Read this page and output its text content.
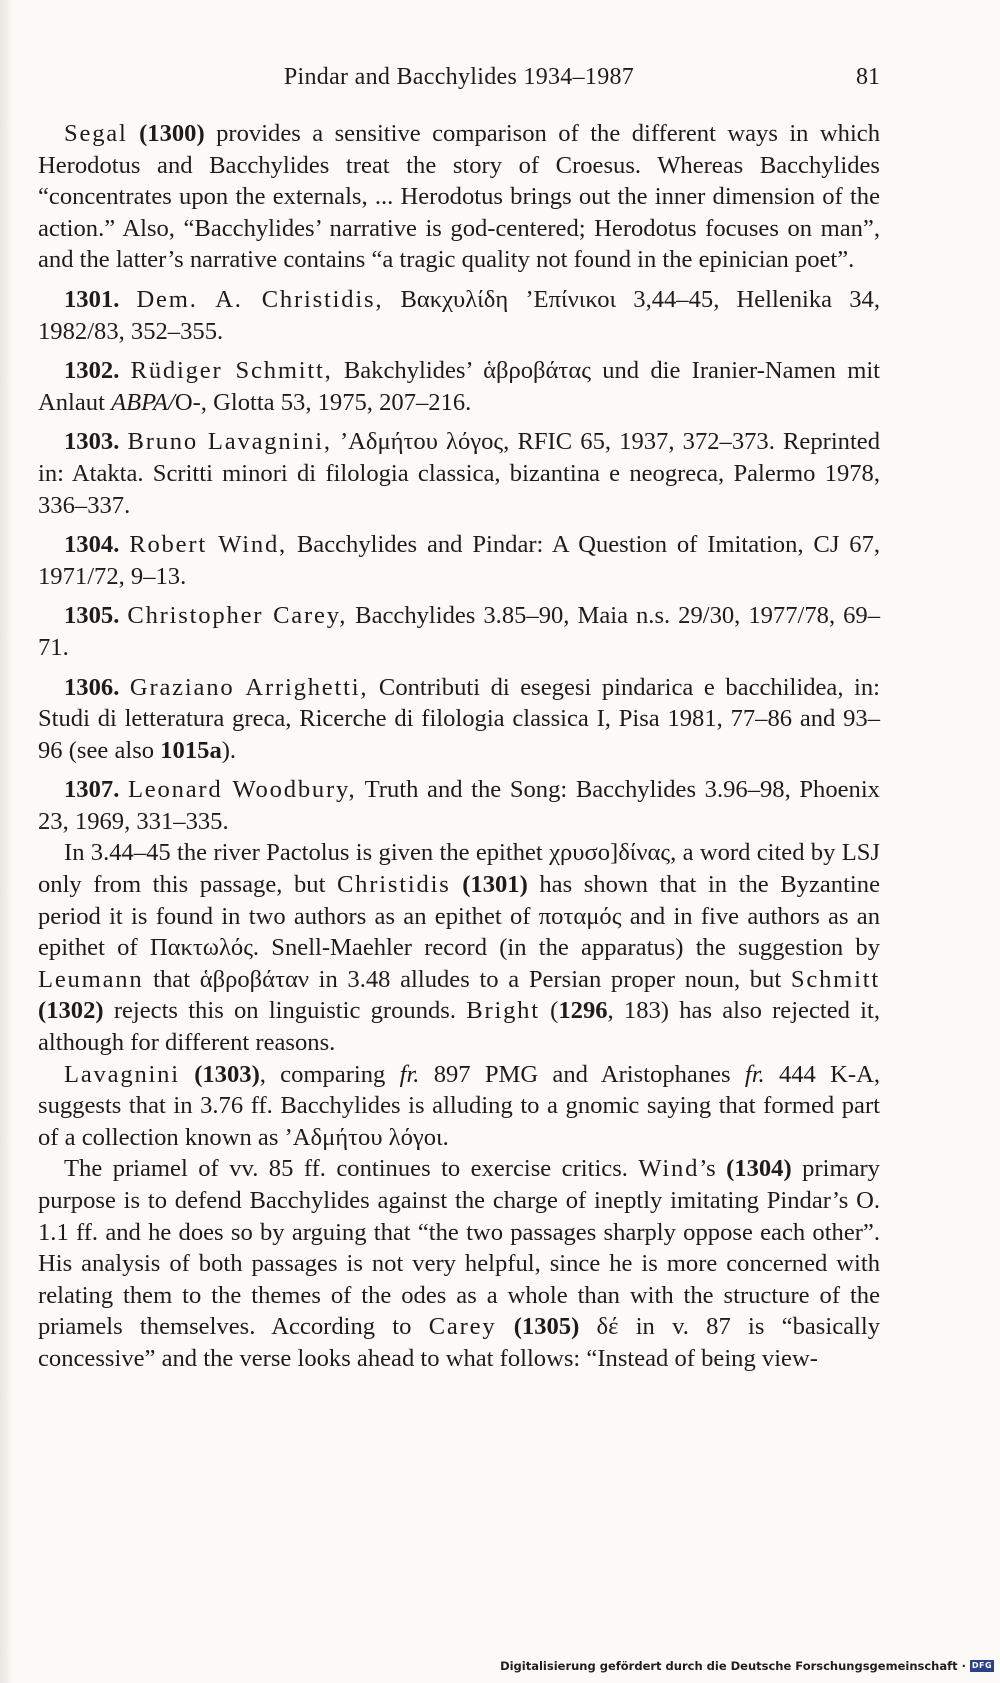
Pindar and Bacchylides 1934–1987	81

Segal (1300) provides a sensitive comparison of the different ways in which Herodotus and Bacchylides treat the story of Croesus. Whereas Bacchylides “concentrates upon the externals, ... Herodotus brings out the inner dimension of the action.” Also, “Bacchylides’ narrative is god-centered; Herodotus focuses on man”, and the latter’s narrative contains “a tragic quality not found in the epinician poet”.

1301. Dem. A. Christidis, Βακχυλίδη ’Επίνικοι 3,44–45, Hellenika 34, 1982/83, 352–355.

1302. Rüdiger Schmitt, Bakchylides’ ἁβροβάτας und die Iranier-Namen mit Anlaut ABPA/O-, Glotta 53, 1975, 207–216.

1303. Bruno Lavagnini, ’Αδμήτου λόγος, RFIC 65, 1937, 372–373. Reprinted in: Atakta. Scritti minori di filologia classica, bizantina e neogreca, Palermo 1978, 336–337.

1304. Robert Wind, Bacchylides and Pindar: A Question of Imitation, CJ 67, 1971/72, 9–13.

1305. Christopher Carey, Bacchylides 3.85–90, Maia n.s. 29/30, 1977/78, 69–71.

1306. Graziano Arrighetti, Contributi di esegesi pindarica e bacchilidea, in: Studi di letteratura greca, Ricerche di filologia classica I, Pisa 1981, 77–86 and 93–96 (see also 1015a).

1307. Leonard Woodbury, Truth and the Song: Bacchylides 3.96–98, Phoenix 23, 1969, 331–335.

In 3.44–45 the river Pactolus is given the epithet χρυσο]δίνας, a word cited by LSJ only from this passage, but Christidis (1301) has shown that in the Byzantine period it is found in two authors as an epithet of ποταμός and in five authors as an epithet of Πακτωλός. Snell-Maehler record (in the apparatus) the suggestion by Leumann that ἁβροβάταν in 3.48 alludes to a Persian proper noun, but Schmitt (1302) rejects this on linguistic grounds. Bright (1296, 183) has also rejected it, although for different reasons.

Lavagnini (1303), comparing fr. 897 PMG and Aristophanes fr. 444 K-A, suggests that in 3.76 ff. Bacchylides is alluding to a gnomic saying that formed part of a collection known as ’Αδμήτου λόγοι.

The priamel of vv. 85 ff. continues to exercise critics. Wind’s (1304) primary purpose is to defend Bacchylides against the charge of ineptly imitating Pindar’s O. 1.1 ff. and he does so by arguing that “the two passages sharply oppose each other”. His analysis of both passages is not very helpful, since he is more concerned with relating them to the themes of the odes as a whole than with the structure of the priamels themselves. According to Carey (1305) δέ in v. 87 is “basically concessive” and the verse looks ahead to what follows: “Instead of being view-

Digitalisierung gefördert durch die Deutsche Forschungsgemeinschaft · DFG
